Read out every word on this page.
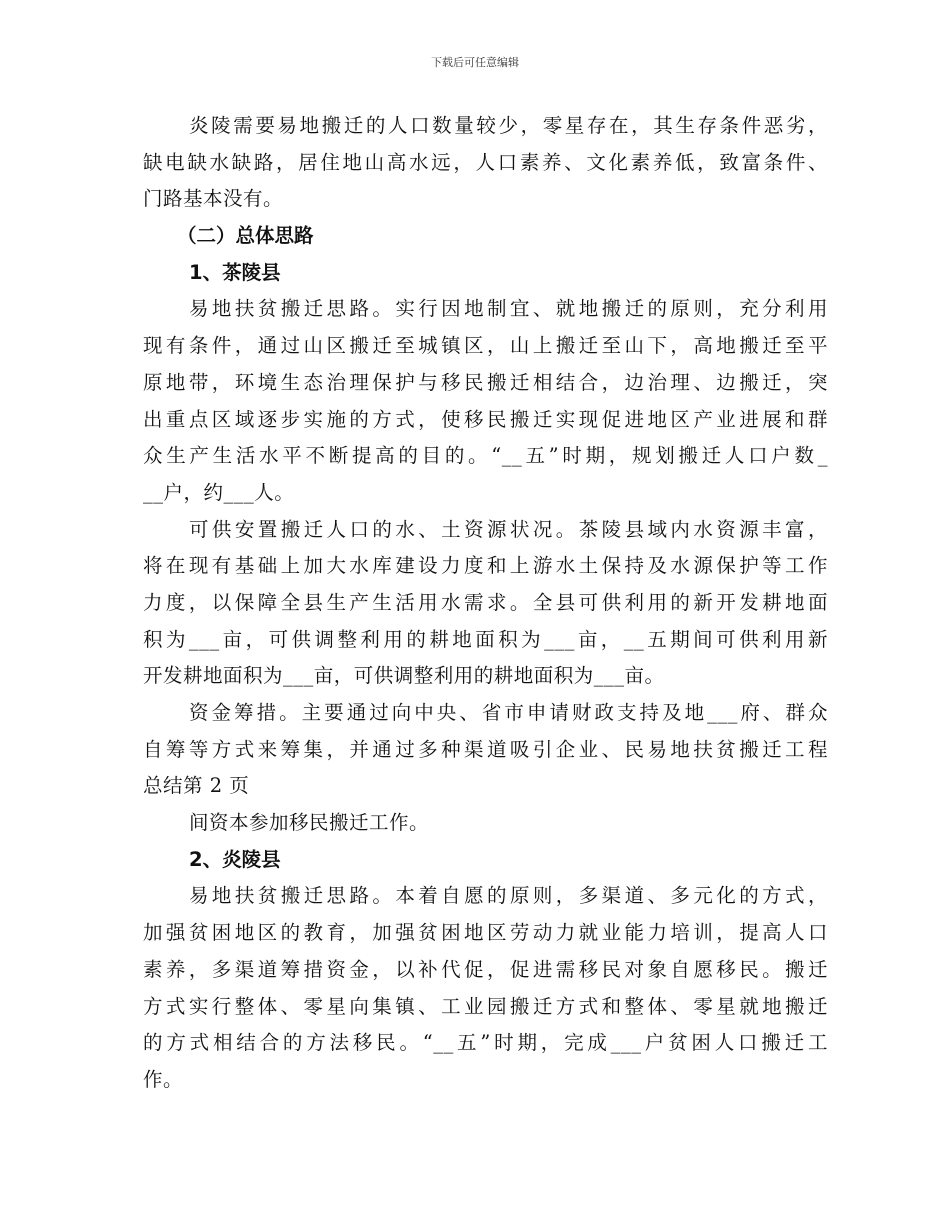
下载后可任意编辑
炎陵需要易地搬迁的人口数量较少，零星存在，其生存条件恶劣，
缺电缺水缺路，居住地山高水远，人口素养、文化素养低，致富条件、
门路基本没有。
（二）总体思路
1、茶陵县
易地扶贫搬迁思路。实行因地制宜、就地搬迁的原则，充分利用
现有条件，通过山区搬迁至城镇区，山上搬迁至山下，高地搬迁至平
原地带，环境生态治理保护与移民搬迁相结合，边治理、边搬迁，突
出重点区域逐步实施的方式，使移民搬迁实现促进地区产业进展和群
众生产生活水平不断提高的目的。“__五”时期，规划搬迁人口户数_
__户，约___人。
可供安置搬迁人口的水、土资源状况。茶陵县域内水资源丰富，
将在现有基础上加大水库建设力度和上游水土保持及水源保护等工作
力度，以保障全县生产生活用水需求。全县可供利用的新开发耕地面
积为___亩，可供调整利用的耕地面积为___亩，__五期间可供利用新
开发耕地面积为___亩，可供调整利用的耕地面积为___亩。
资金筹措。主要通过向中央、省市申请财政支持及地___府、群众
自筹等方式来筹集，并通过多种渠道吸引企业、民易地扶贫搬迁工程
总结第 2 页
间资本参加移民搬迁工作。
2、炎陵县
易地扶贫搬迁思路。本着自愿的原则，多渠道、多元化的方式，
加强贫困地区的教育，加强贫困地区劳动力就业能力培训，提高人口
素养，多渠道筹措资金，以补代促，促进需移民对象自愿移民。搬迁
方式实行整体、零星向集镇、工业园搬迁方式和整体、零星就地搬迁
的方式相结合的方法移民。“__五”时期，完成___户贫困人口搬迁工
作。
